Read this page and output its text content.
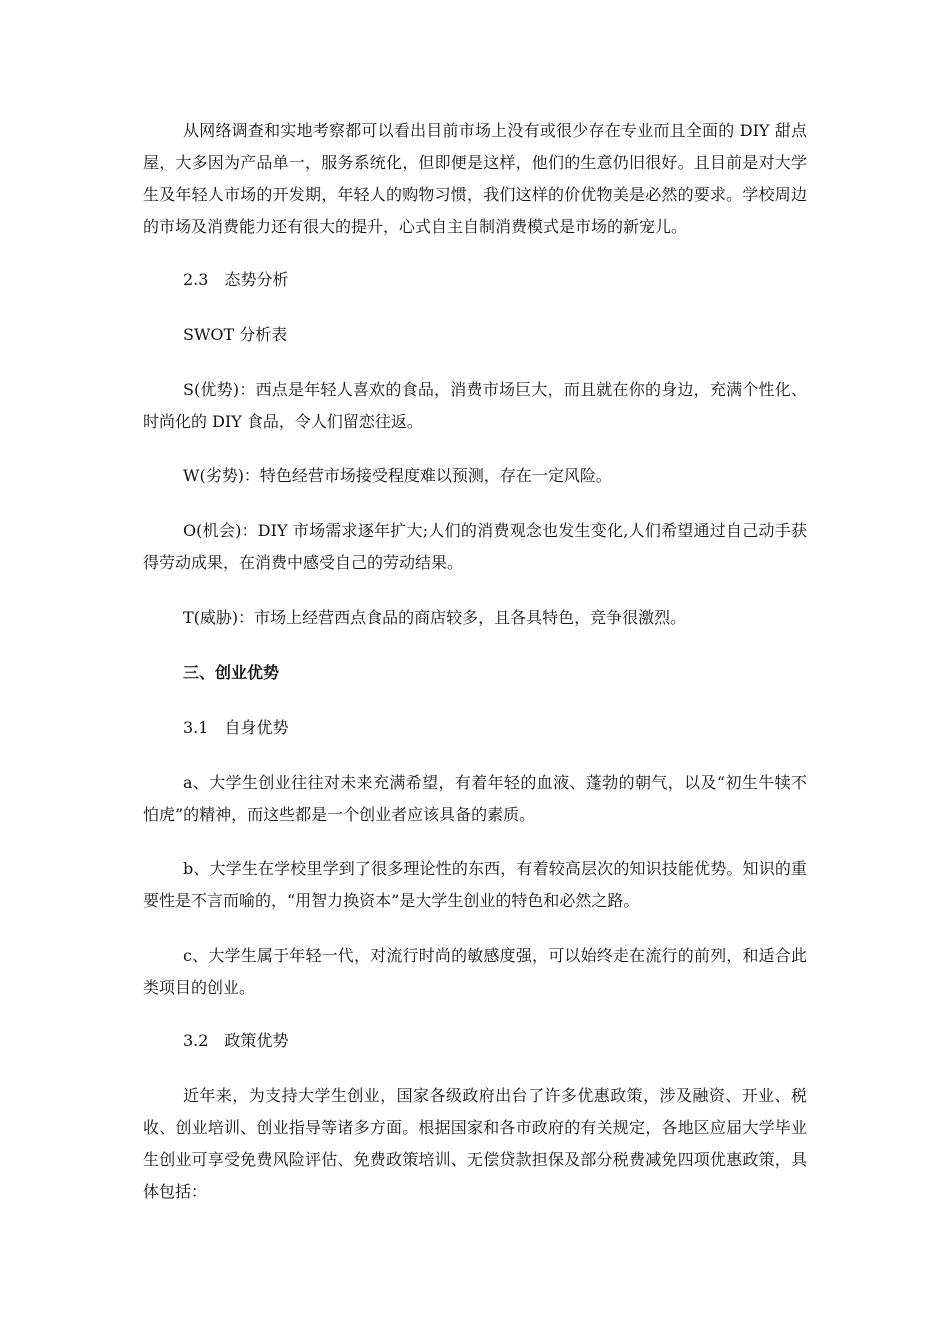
从网络调查和实地考察都可以看出目前市场上没有或很少存在专业而且全面的 DIY 甜点屋，大多因为产品单一，服务系统化，但即便是这样，他们的生意仍旧很好。且目前是对大学生及年轻人市场的开发期，年轻人的购物习惯，我们这样的价优物美是必然的要求。学校周边的市场及消费能力还有很大的提升，心式自主自制消费模式是市场的新宠儿。

2.3　态势分析

SWOT 分析表

S(优势)：西点是年轻人喜欢的食品，消费市场巨大，而且就在你的身边，充满个性化、时尚化的 DIY 食品，令人们留恋往返。

W(劣势)：特色经营市场接受程度难以预测，存在一定风险。

O(机会)：DIY 市场需求逐年扩大;人们的消费观念也发生变化,人们希望通过自己动手获得劳动成果，在消费中感受自己的劳动结果。

T(威胁)：市场上经营西点食品的商店较多，且各具特色，竞争很激烈。

三、创业优势

3.1　自身优势

a、大学生创业往往对未来充满希望，有着年轻的血液、蓬勃的朝气，以及“初生牛犊不怕虎”的精神，而这些都是一个创业者应该具备的素质。

b、大学生在学校里学到了很多理论性的东西，有着较高层次的知识技能优势。知识的重要性是不言而喻的，“用智力换资本”是大学生创业的特色和必然之路。

c、大学生属于年轻一代，对流行时尚的敏感度强，可以始终走在流行的前列，和适合此类项目的创业。

3.2　政策优势

近年来，为支持大学生创业，国家各级政府出台了许多优惠政策，涉及融资、开业、税收、创业培训、创业指导等诸多方面。根据国家和各市政府的有关规定，各地区应届大学毕业生创业可享受免费风险评估、免费政策培训、无偿贷款担保及部分税费减免四项优惠政策，具体包括：
